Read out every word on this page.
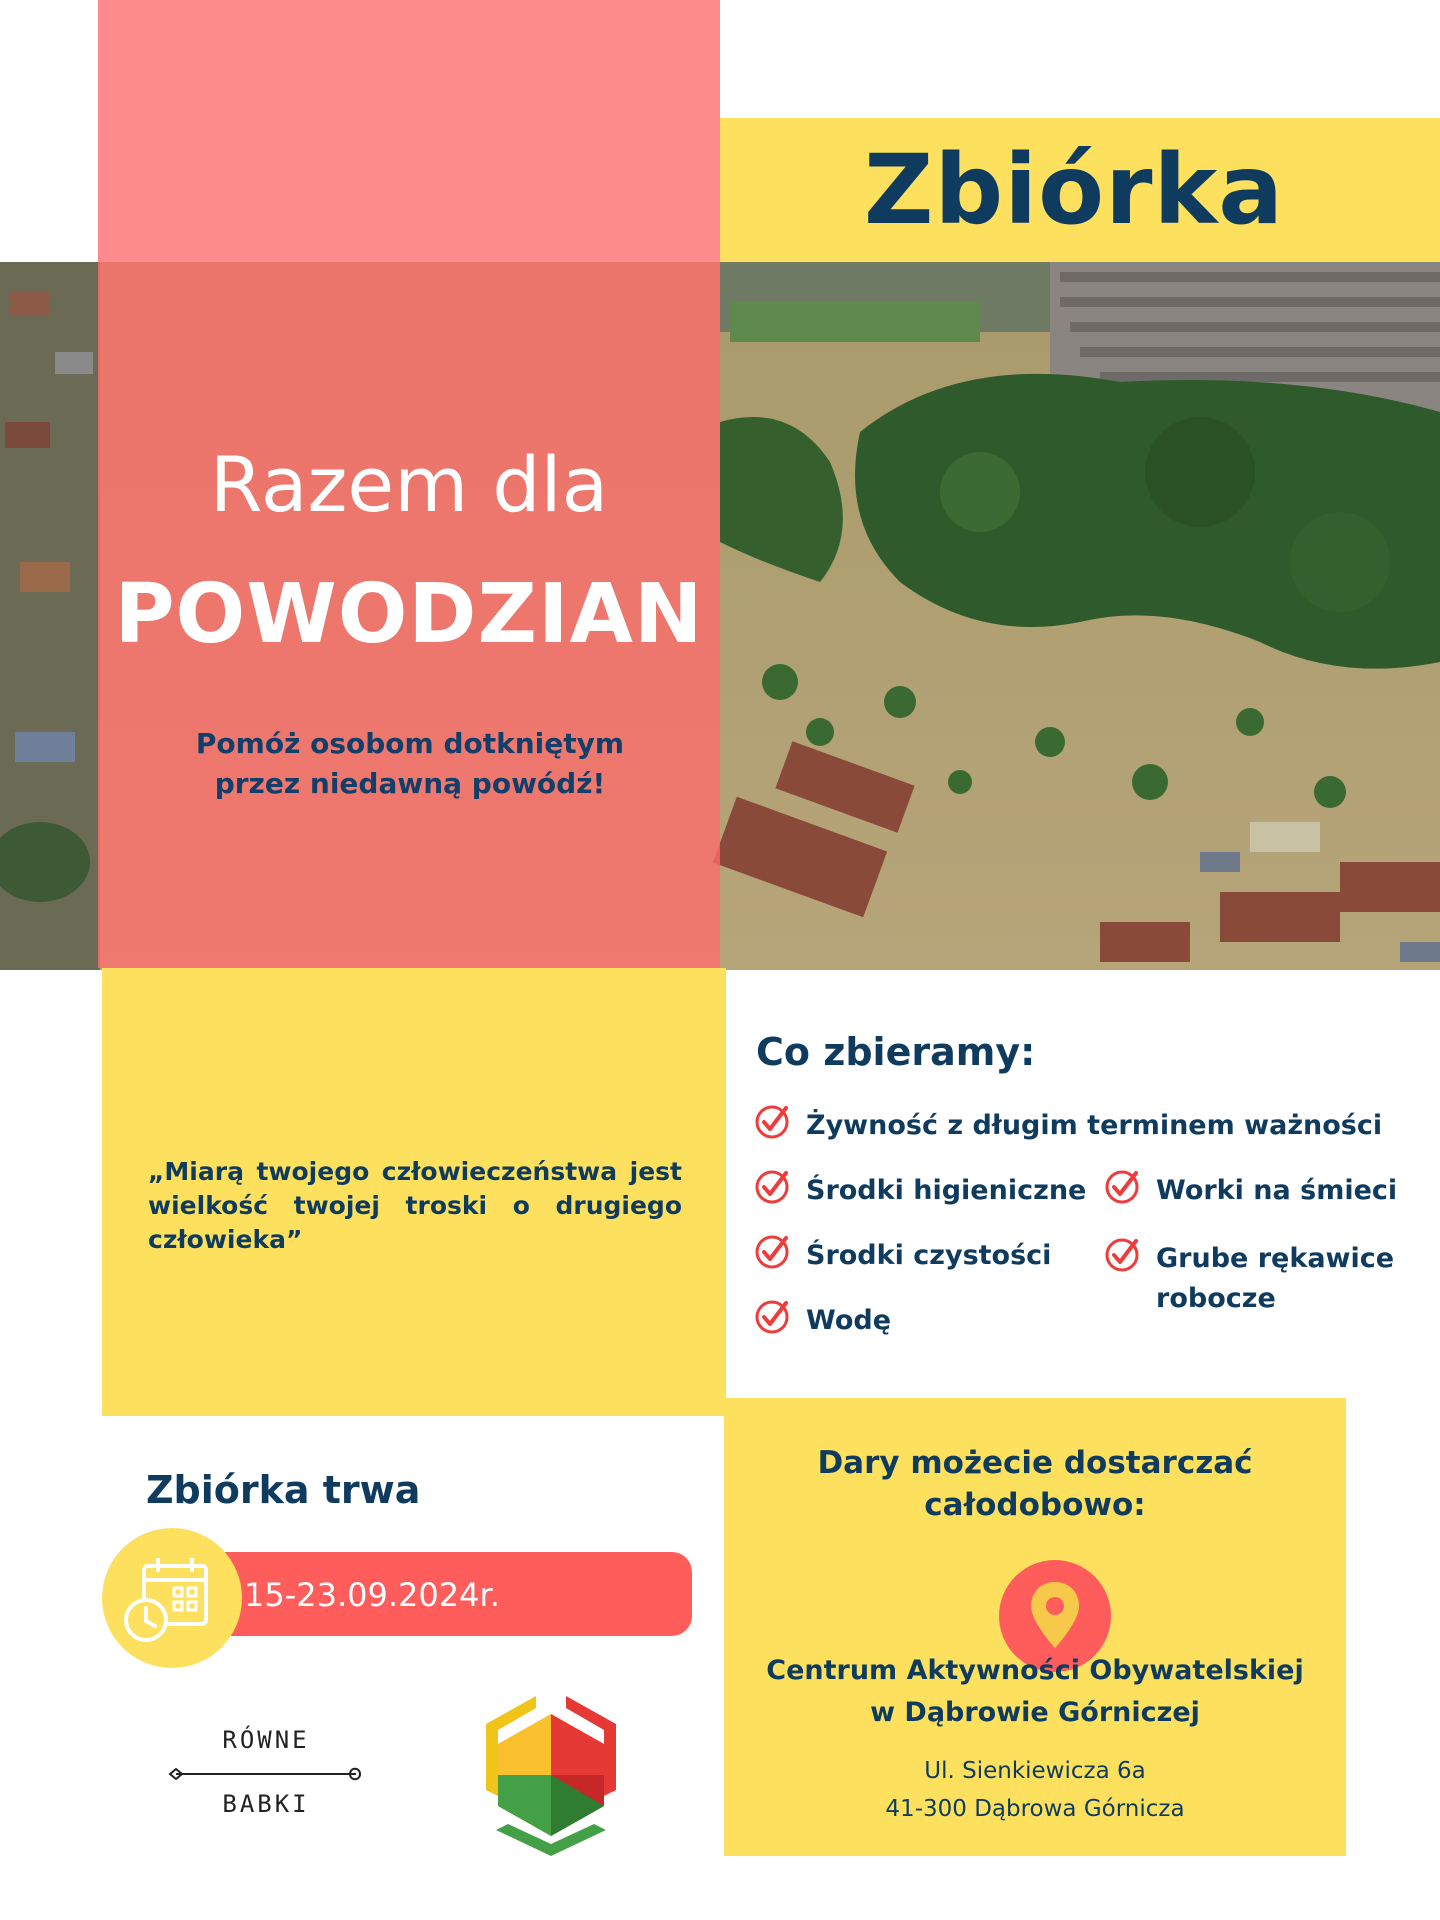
Zbiórka
Razem dla
POWODZIAN
Pomóż osobom dotkniętym
przez niedawną powódź!
„Miarą twojego człowieczeństwa jest wielkość twojej troski o drugiego człowieka”
Co zbieramy:
Żywność z długim terminem ważności
Środki higieniczne	Worki na śmieci
Środki czystości	Grube rękawice
robocze
Wodę
Zbiórka trwa
15-23.09.2024r.
RÓWNE
BABKI
Dary możecie dostarczać
całodobowo:
Centrum Aktywności Obywatelskiej
w Dąbrowie Górniczej
Ul. Sienkiewicza 6a
41-300 Dąbrowa Górnicza
